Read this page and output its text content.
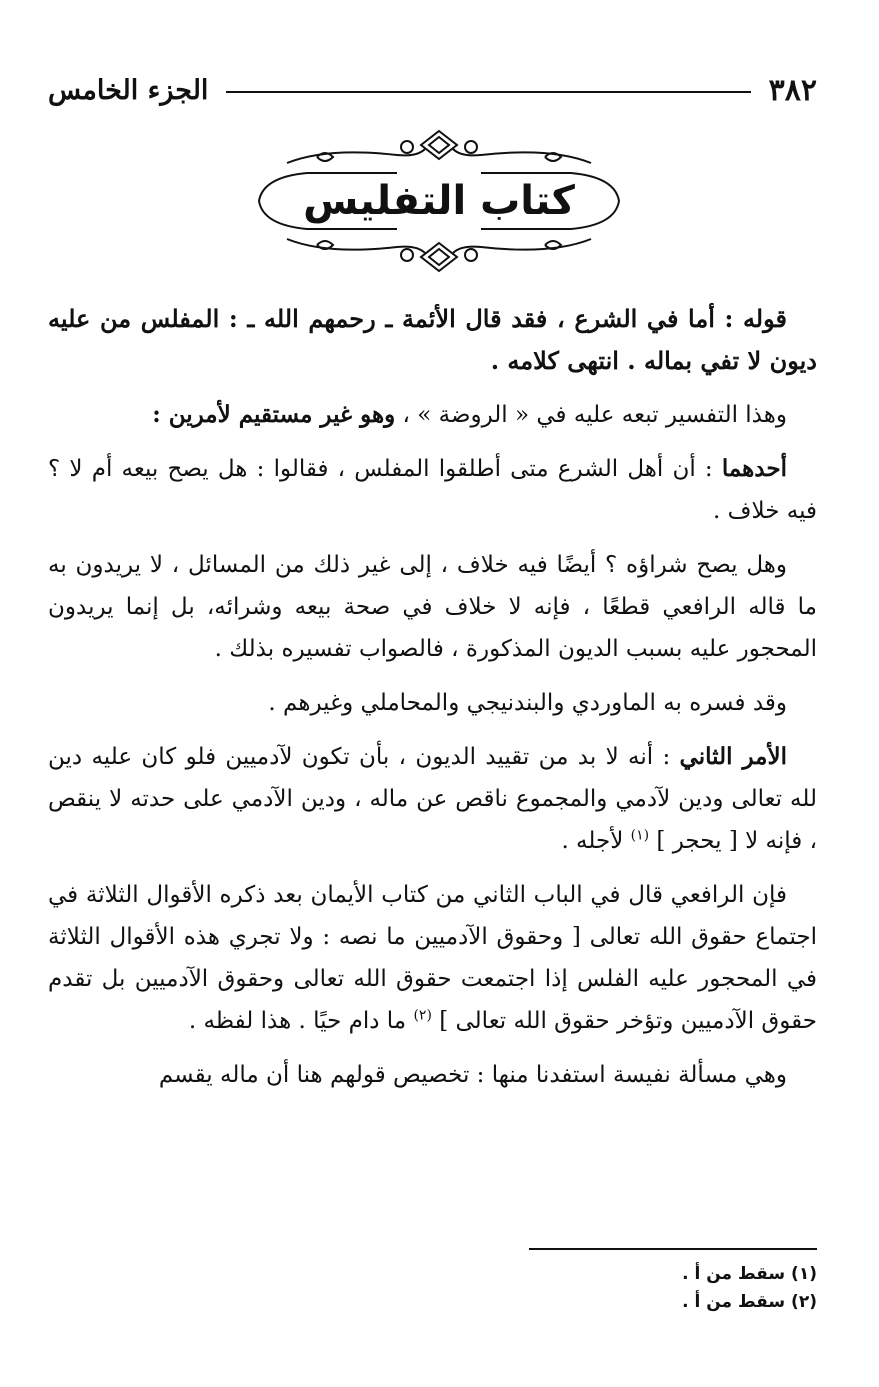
٣٨٢
الجزء الخامس
كتاب التفليس

قوله : أما في الشرع ، فقد قال الأئمة ـ رحمهم الله ـ : المفلس من عليه ديون لا تفي بماله . انتهى كلامه .

وهذا التفسير تبعه عليه في « الروضة » ، وهو غير مستقيم لأمرين :

أحدهما : أن أهل الشرع متى أطلقوا المفلس ، فقالوا : هل يصح بيعه أم لا ؟ فيه خلاف .

وهل يصح شراؤه ؟ أيضًا فيه خلاف ، إلى غير ذلك من المسائل ، لا يريدون به ما قاله الرافعي قطعًا ، فإنه لا خلاف في صحة بيعه وشرائه، بل إنما يريدون المحجور عليه بسبب الديون المذكورة ، فالصواب تفسيره بذلك .

وقد فسره به الماوردي والبندنيجي والمحاملي وغيرهم .

الأمر الثاني : أنه لا بد من تقييد الديون ، بأن تكون لآدميين فلو كان عليه دين لله تعالى ودين لآدمي والمجموع ناقص عن ماله ، ودين الآدمي على حدته لا ينقص ، فإنه لا [ يحجر ] $^{(١)}$ لأجله .

فإن الرافعي قال في الباب الثاني من كتاب الأيمان بعد ذكره الأقوال الثلاثة في اجتماع حقوق الله تعالى [ وحقوق الآدميين ما نصه : ولا تجري هذه الأقوال الثلاثة في المحجور عليه الفلس إذا اجتمعت حقوق الله تعالى وحقوق الآدميين بل تقدم حقوق الآدميين وتؤخر حقوق الله تعالى ] $^{(٢)}$ ما دام حيًا . هذا لفظه .

وهي مسألة نفيسة استفدنا منها : تخصيص قولهم هنا أن ماله يقسم

(١) سقط من أ .
(٢) سقط من أ .
